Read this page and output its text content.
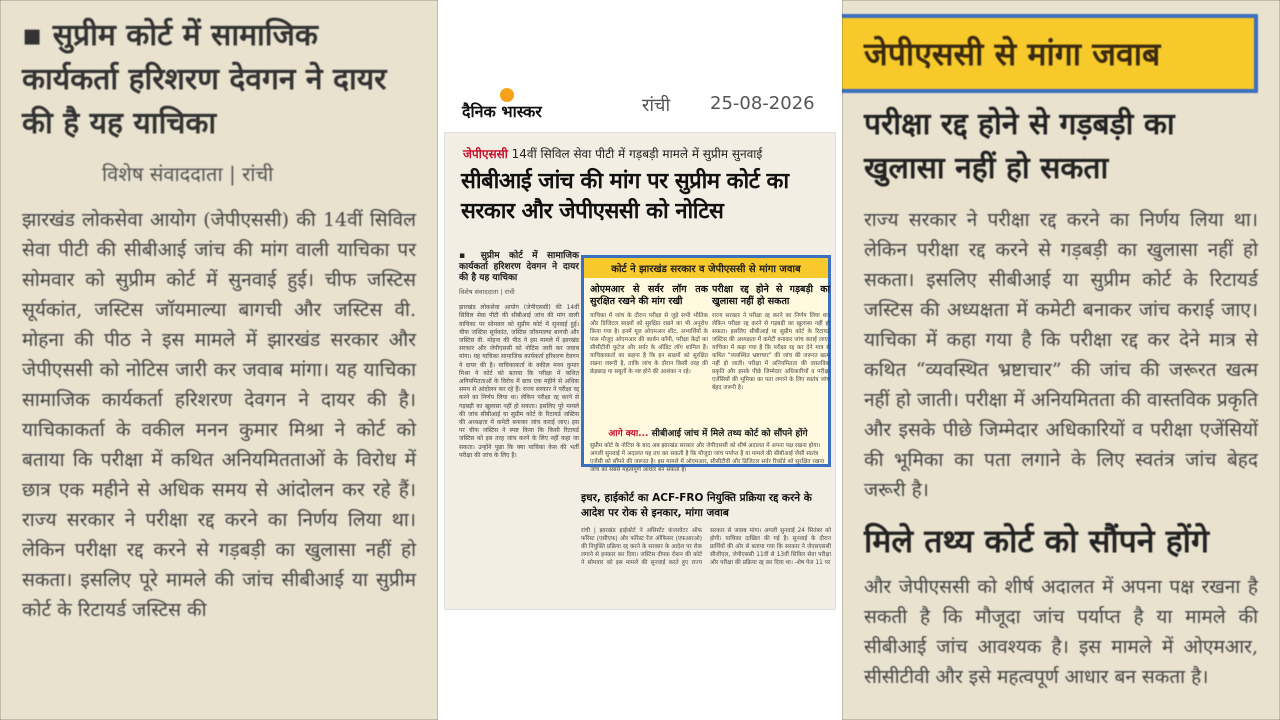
▪ सुप्रीम कोर्ट में सामाजिक कार्यकर्ता हरिशरण देवगन ने दायर की है यह याचिका
विशेष संवाददाता | रांची
झारखंड लोकसेवा आयोग (जेपीएससी) की 14वीं सिविल सेवा पीटी की सीबीआई जांच की मांग वाली याचिका पर सोमवार को सुप्रीम कोर्ट में सुनवाई हुई। चीफ जस्टिस सूर्यकांत, जस्टिस जॉयमाल्या बागची और जस्टिस वी. मोहना की पीठ ने इस मामले में झारखंड सरकार और जेपीएससी को नोटिस जारी कर जवाब मांगा। यह याचिका सामाजिक कार्यकर्ता हरिशरण देवगन ने दायर की है। याचिकाकर्ता के वकील मनन कुमार मिश्रा ने कोर्ट को बताया कि परीक्षा में कथित अनियमितताओं के विरोध में छात्र एक महीने से अधिक समय से आंदोलन कर रहे हैं। राज्य सरकार ने परीक्षा रद्द करने का निर्णय लिया था। लेकिन परीक्षा रद्द करने से गड़बड़ी का खुलासा नहीं हो सकता। इसलिए पूरे मामले की जांच सीबीआई या सुप्रीम कोर्ट के रिटायर्ड जस्टिस की
जेपीएससी से मांगा जवाब
परीक्षा रद्द होने से गड़बड़ी का खुलासा नहीं हो सकता
राज्य सरकार ने परीक्षा रद्द करने का निर्णय लिया था। लेकिन परीक्षा रद्द करने से गड़बड़ी का खुलासा नहीं हो सकता। इसलिए सीबीआई या सुप्रीम कोर्ट के रिटायर्ड जस्टिस की अध्यक्षता में कमेटी बनाकर जांच कराई जाए। याचिका में कहा गया है कि परीक्षा रद्द कर देने मात्र से कथित “व्यवस्थित भ्रष्टाचार” की जांच की जरूरत खत्म नहीं हो जाती। परीक्षा में अनियमितता की वास्तविक प्रकृति और इसके पीछे जिम्मेदार अधिकारियों व परीक्षा एजेंसियों की भूमिका का पता लगाने के लिए स्वतंत्र जांच बेहद जरूरी है।
मिले तथ्य कोर्ट को सौंपने होंगे
और जेपीएससी को शीर्ष अदालत में अपना पक्ष रखना है सकती है कि मौजूदा जांच पर्याप्त है या मामले की सीबीआई जांच आवश्यक है। इस मामले में ओएमआर, सीसीटीवी और इसे महत्वपूर्ण आधार बन सकता है।
दैनिक भास्कर	रांची 25-08-2026
जेपीएससी 14वीं सिविल सेवा पीटी में गड़बड़ी मामले में सुप्रीम सुनवाई
सीबीआई जांच की मांग पर सुप्रीम कोर्ट का सरकार और जेपीएससी को नोटिस
▪ सुप्रीम कोर्ट में सामाजिक कार्यकर्ता हरिशरण देवगन ने दायर की है यह याचिका
विशेष संवाददाता | रांची
झारखंड लोकसेवा आयोग (जेपीएससी) की 14वीं सिविल सेवा पीटी की सीबीआई जांच की मांग वाली याचिका पर सोमवार को सुप्रीम कोर्ट में सुनवाई हुई। चीफ जस्टिस सूर्यकांत, जस्टिस जॉयमाल्या बागची और जस्टिस वी. मोहना की पीठ ने इस मामले में झारखंड सरकार और जेपीएससी को नोटिस जारी कर जवाब मांगा। यह याचिका सामाजिक कार्यकर्ता हरिशरण देवगन ने दायर की है। याचिकाकर्ता के वकील मनन कुमार मिश्रा ने कोर्ट को बताया कि परीक्षा में कथित अनियमितताओं के विरोध में छात्र एक महीने से अधिक समय से आंदोलन कर रहे हैं। राज्य सरकार ने परीक्षा रद्द करने का निर्णय लिया था। लेकिन परीक्षा रद्द करने से गड़बड़ी का खुलासा नहीं हो सकता। इसलिए पूरे मामले की जांच सीबीआई या सुप्रीम कोर्ट के रिटायर्ड जस्टिस की अध्यक्षता में कमेटी बनाकर जांच कराई जाए। इस पर चीफ जस्टिस ने स्पष्ट किया कि किसी रिटायर्ड जस्टिस को इस तरह जांच करने के लिए नहीं कहा जा सकता। उन्होंने पूछा कि क्या याचिका केस की भर्ती परीक्षा की जांच के लिए है।
कोर्ट ने झारखंड सरकार व जेपीएससी से मांगा जवाब
ओएमआर से सर्वर लॉग तक सुरक्षित रखने की मांग रखी
याचिका में जांच के दौरान परीक्षा से जुड़े सभी भौतिक और डिजिटल साक्ष्यों को सुरक्षित रखने का भी अनुरोध किया गया है। इनमें मूल ओएमआर शीट, अभ्यर्थियों के पास मौजूद ओएमआर की कार्बन कॉपी, परीक्षा केंद्रों का सीसीटीवी फुटेज और सर्वर के ऑडिट लॉग शामिल हैं। याचिकाकर्ता का कहना है कि इन साक्ष्यों को सुरक्षित रखना जरूरी है, ताकि जांच के दौरान किसी तरह की छेड़छाड़ या सबूतों के नष्ट होने की आशंका न रहे।
परीक्षा रद्द होने से गड़बड़ी का खुलासा नहीं हो सकता
राज्य सरकार ने परीक्षा रद्द करने का निर्णय लिया था। लेकिन परीक्षा रद्द करने से गड़बड़ी का खुलासा नहीं हो सकता। इसलिए सीबीआई या सुप्रीम कोर्ट के रिटायर्ड जस्टिस की अध्यक्षता में कमेटी बनाकर जांच कराई जाए। याचिका में कहा गया है कि परीक्षा रद्द कर देने मात्र से कथित “व्यवस्थित भ्रष्टाचार” की जांच की जरूरत खत्म नहीं हो जाती। परीक्षा में अनियमितता की वास्तविक प्रकृति और इसके पीछे जिम्मेदार अधिकारियों व परीक्षा एजेंसियों की भूमिका का पता लगाने के लिए स्वतंत्र जांच बेहद जरूरी है।
आगे क्या... सीबीआई जांच में मिले तथ्य कोर्ट को सौंपने होंगे
सुप्रीम कोर्ट के नोटिस के बाद अब झारखंड सरकार और जेपीएससी को शीर्ष अदालत में अपना पक्ष रखना होगा। अगली सुनवाई में अदालत यह तय कर सकती है कि मौजूदा जांच पर्याप्त है या मामले की सीबीआई जैसी स्वतंत्र एजेंसी को सौंपने की जरूरत है। इस मामले में ओएमआर, सीसीटीवी और डिजिटल सर्वर रिकॉर्ड को सुरक्षित रखना जांच का सबसे महत्वपूर्ण आधार बन सकता है।
इधर, हाईकोर्ट का ACF-FRO नियुक्ति प्रक्रिया रद्द करने के आदेश पर रोक से इनकार, मांगा जवाब
रांची | झारखंड हाईकोर्ट ने असिस्टेंट कंजरवेटर ऑफ फॉरेस्ट (एसीएफ) और फॉरेस्ट रेंज ऑफिसर (एफआरओ) की नियुक्ति प्रक्रिया रद्द करने के सरकार के आदेश पर रोक लगाने से इनकार कर दिया। जस्टिस दीपक रोशन की कोर्ट ने सोमवार को इस मामले की सुनवाई करते हुए राज्य सरकार से जवाब मांगा। अगली सुनवाई 24 सितंबर को होगी। याचिका दाखिल की गई है। सुनवाई के दौरान प्रार्थियों की ओर से बताया गया कि सरकार ने जेएसएससी सीजीएल, जेपीएससी 11वीं से 13वीं सिविल सेवा परीक्षा और परीक्षा की प्रक्रिया रद्द कर दिया था। -शेष पेज 11 पर
